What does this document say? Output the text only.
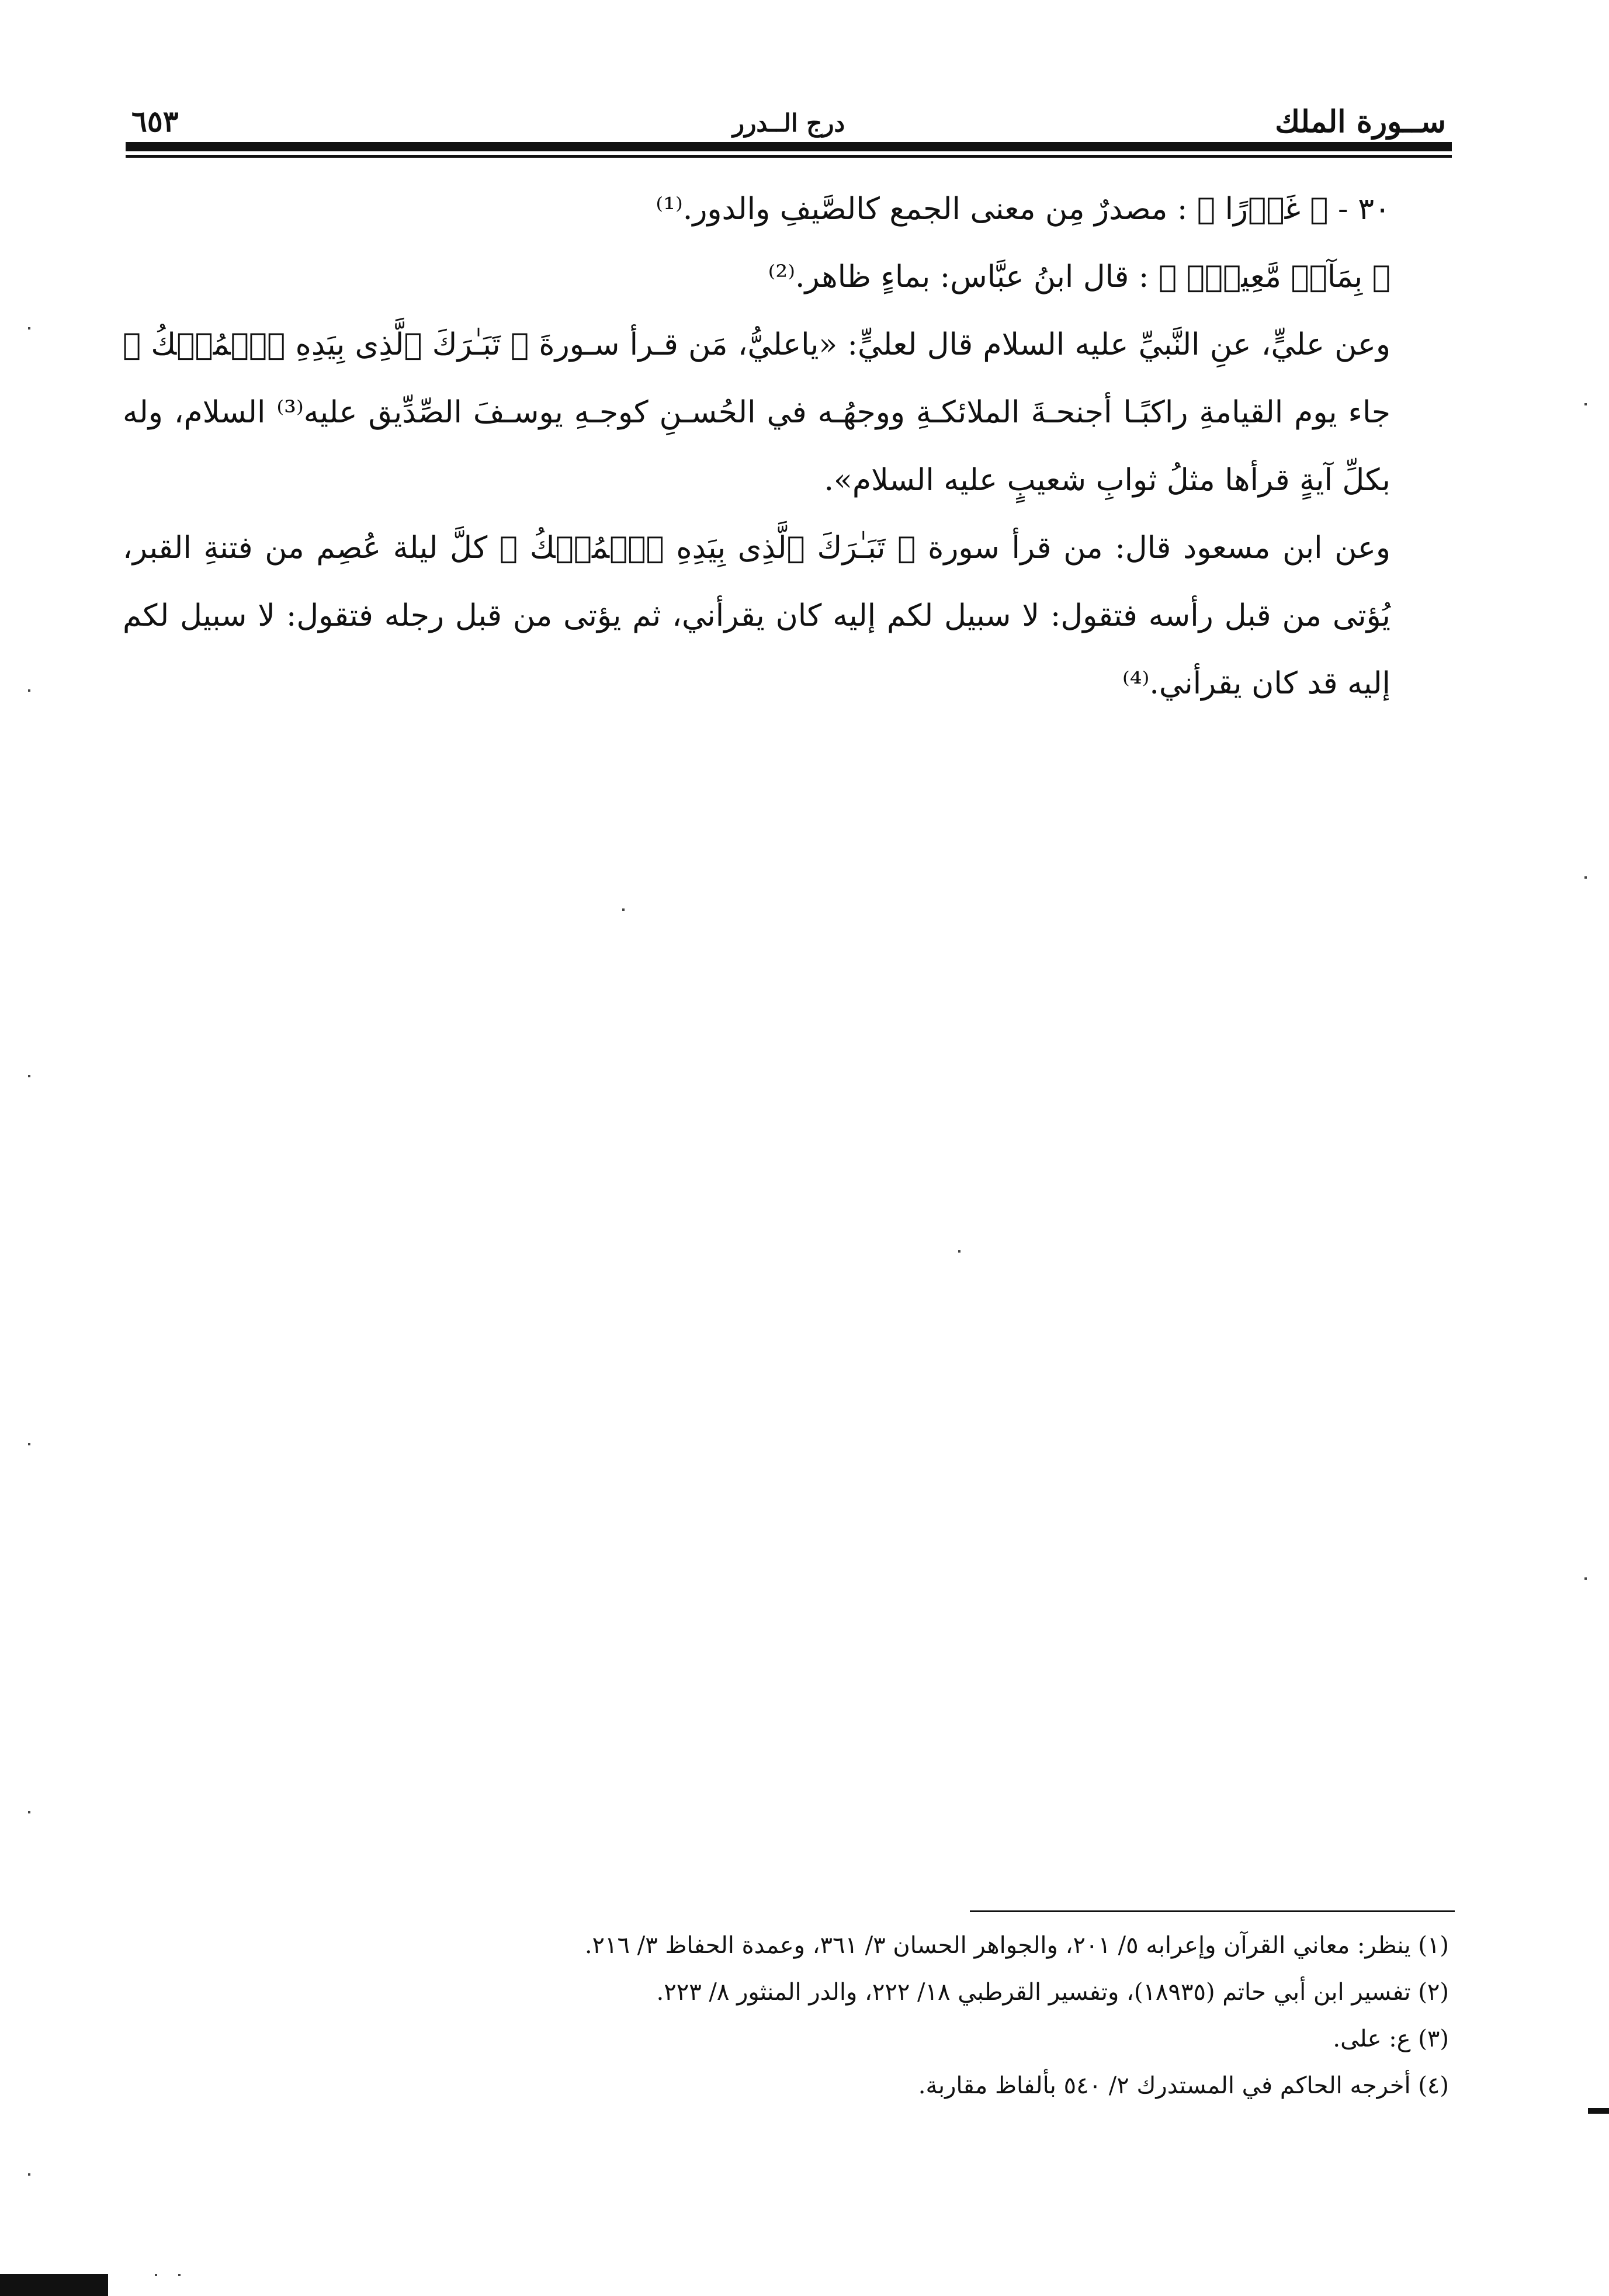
ســورة الملك
درج الــدرر
٦٥٣

٣٠ - ﴿ غَوۡرًا ﴾ : مصدرٌ مِن معنى الجمع كالصَّيفِ والدور.⁽¹⁾

﴿ بِمَآءٖ مَّعِينِۭ ﴾ : قال ابنُ عبَّاس: بماءٍ ظاهر.⁽²⁾

وعن عليٍّ، عنِ النَّبيِّ عليه السلام قال لعليٍّ: «ياعليُّ، مَن قـرأ سـورةَ ﴿ تَبَـٰرَكَ ٱلَّذِى بِيَدِهِ ٱلۡمُلۡكُ ﴾ جاء يوم القيامةِ راكبًـا أجنحـةَ الملائكـةِ ووجهُـه في الحُسـنِ كوجـهِ يوسـفَ الصِّدِّيق عليه⁽³⁾ السلام، وله بكلِّ آيةٍ قرأها مثلُ ثوابِ شعيبٍ عليه السلام».

وعن ابن مسعود قال: من قرأ سورة ﴿ تَبَـٰرَكَ ٱلَّذِى بِيَدِهِ ٱلۡمُلۡكُ ﴾ كلَّ ليلة عُصِم من فتنةِ القبر، يُؤتى من قبل رأسه فتقول: لا سبيل لكم إليه كان يقرأني، ثم يؤتى من قبل رجله فتقول: لا سبيل لكم إليه قد كان يقرأني.⁽⁴⁾

(١) ينظر: معاني القرآن وإعرابه ٥/ ٢٠١، والجواهر الحسان ٣/ ٣٦١، وعمدة الحفاظ ٣/ ٢١٦.

(٢) تفسير ابن أبي حاتم (١٨٩٣٥)، وتفسير القرطبي ١٨/ ٢٢٢، والدر المنثور ٨/ ٢٢٣.

(٣) ع: على.

(٤) أخرجه الحاكم في المستدرك ٢/ ٥٤٠ بألفاظ مقاربة.
